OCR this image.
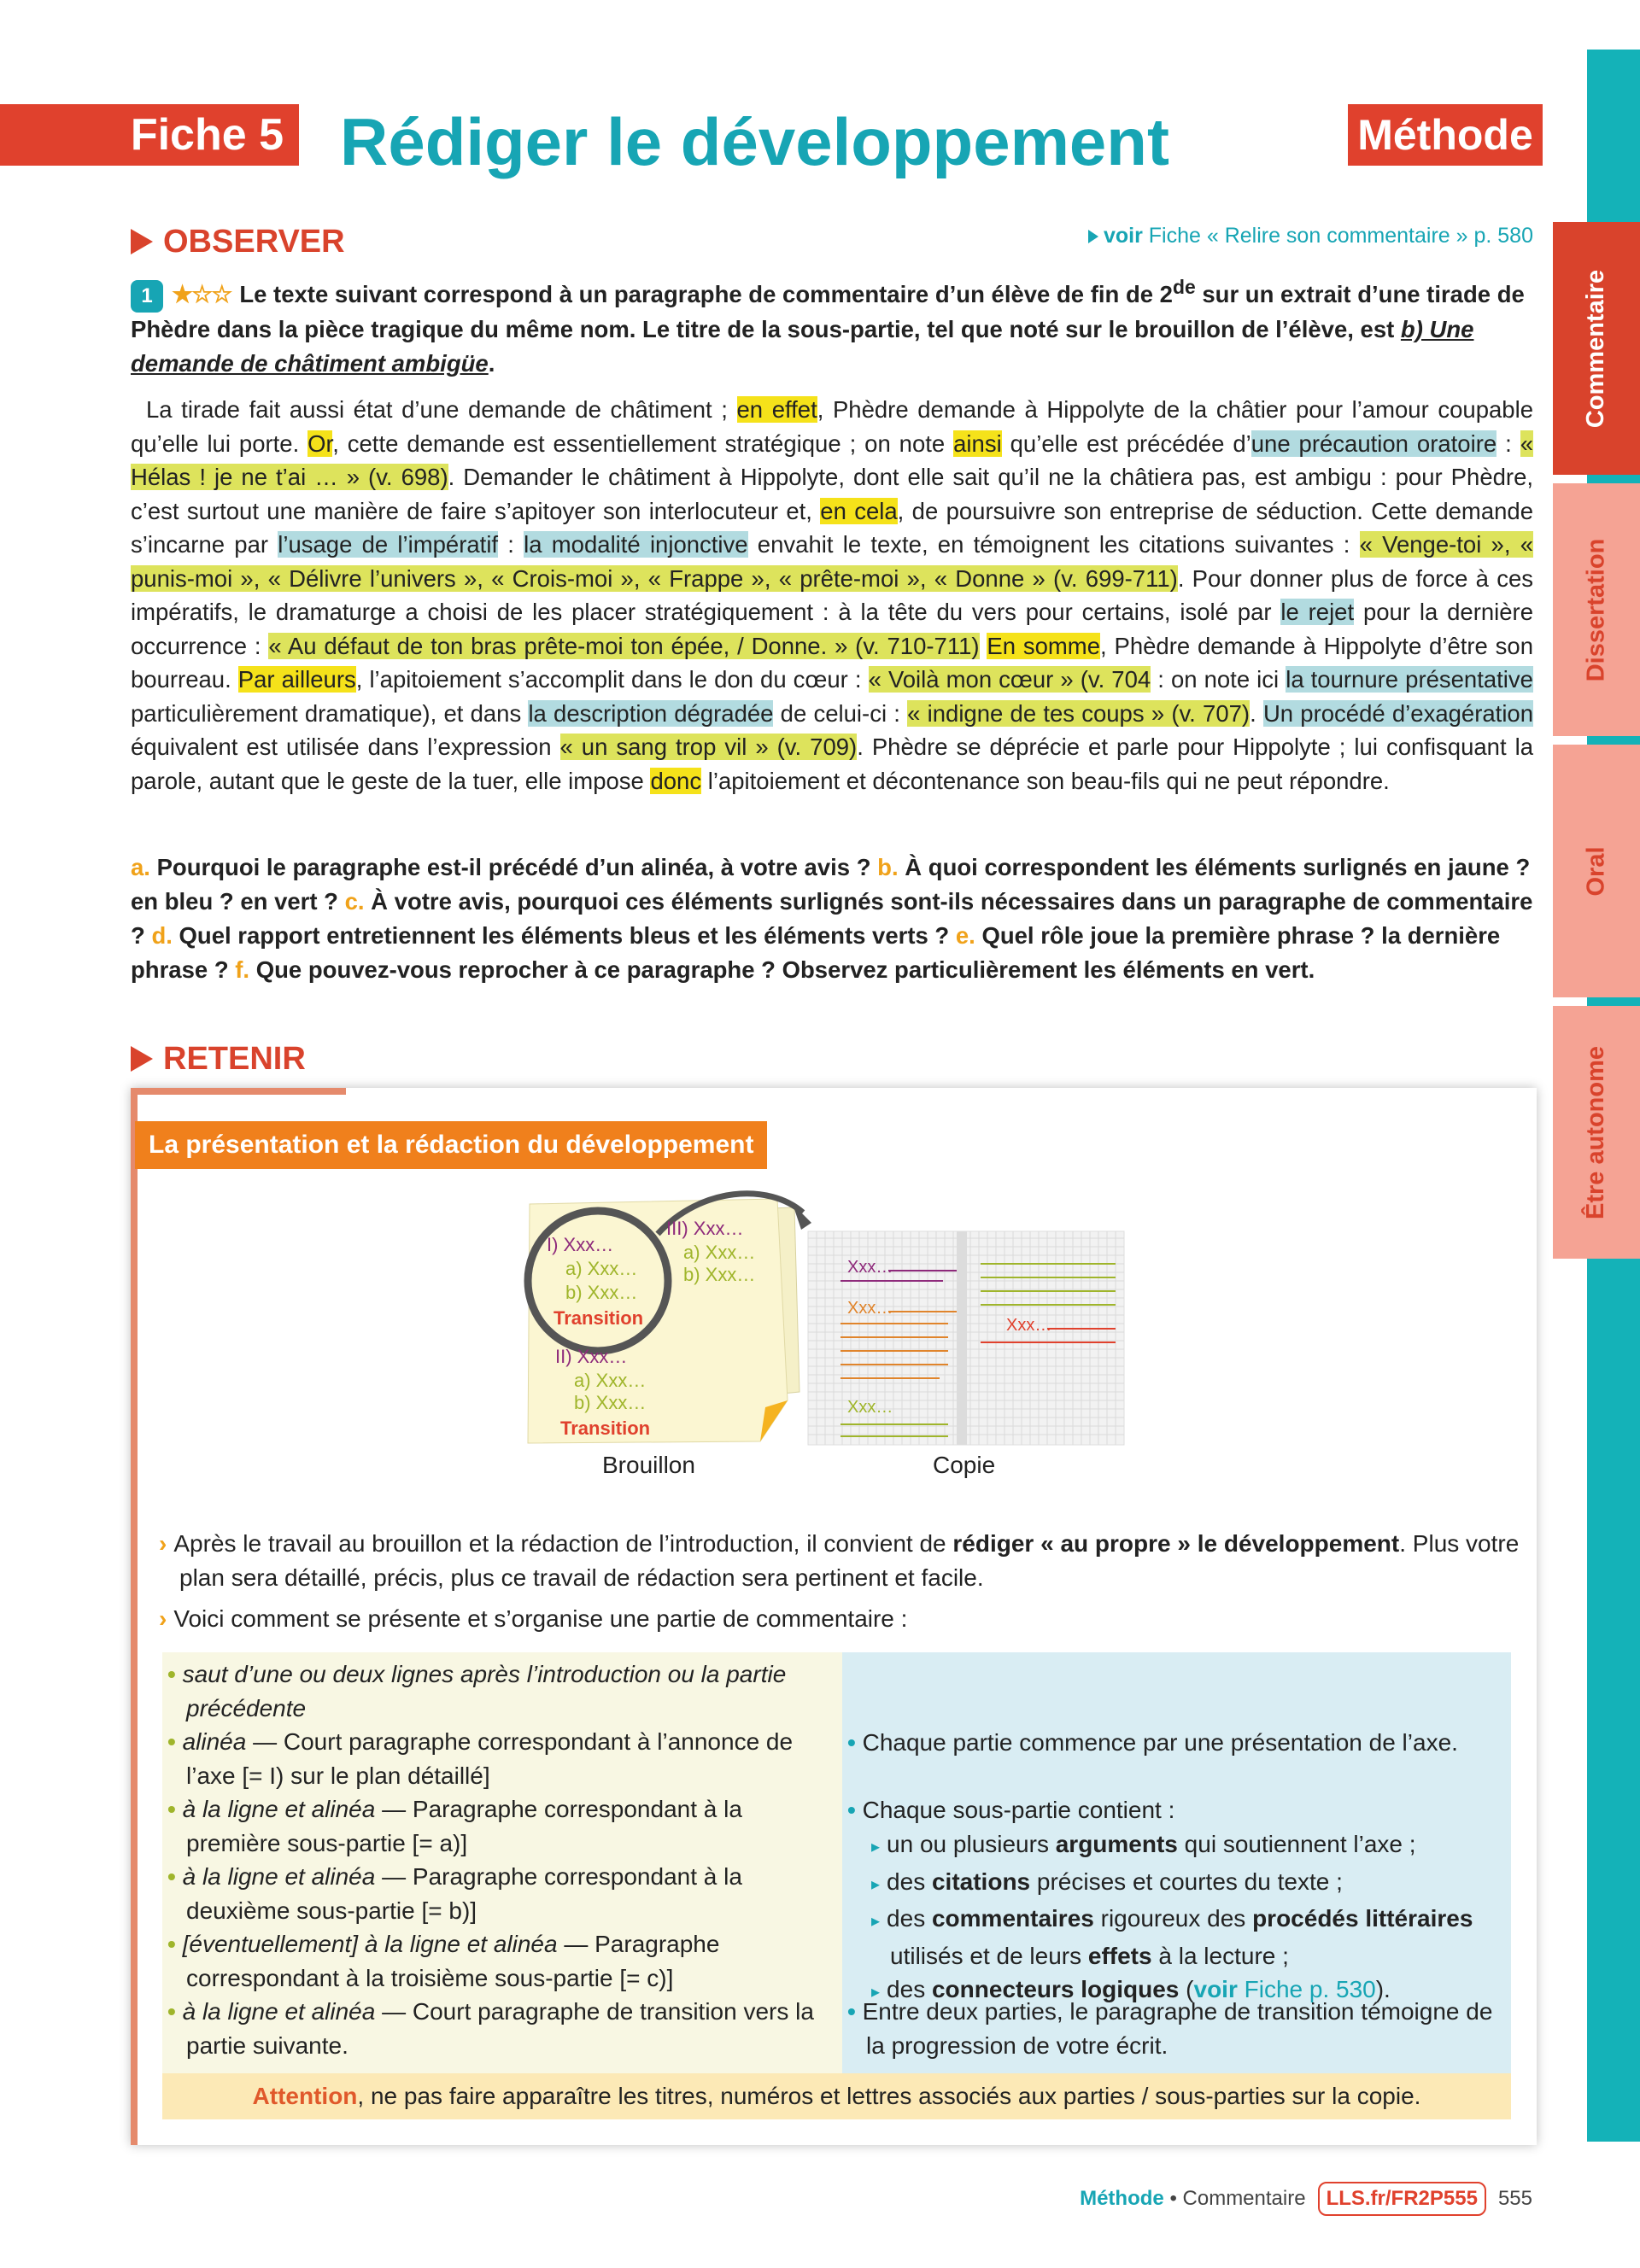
Fiche 5 Rédiger le développement	Méthode
Commentaire
Dissertation
Oral
Être autonome
OBSERVER	voir Fiche « Relire son commentaire » p. 580
1 ★☆☆ Le texte suivant correspond à un paragraphe de commentaire d’un élève de fin de 2de sur un extrait d’une tirade de Phèdre dans la pièce tragique du même nom. Le titre de la sous-partie, tel que noté sur le brouillon de l’élève, est b) Une demande de châtiment ambigüe.
La tirade fait aussi état d’une demande de châtiment ; en effet, Phèdre demande à Hippolyte de la châtier pour l’amour coupable qu’elle lui porte. Or, cette demande est essentiellement stratégique ; on note ainsi qu’elle est précédée d’une précaution oratoire : « Hélas ! je ne t’ai … » (v. 698). Demander le châtiment à Hippolyte, dont elle sait qu’il ne la châtiera pas, est ambigu : pour Phèdre, c’est surtout une manière de faire s’apitoyer son interlocuteur et, en cela, de poursuivre son entreprise de séduction. Cette demande s’incarne par l’usage de l’impératif : la modalité injonctive envahit le texte, en témoignent les citations suivantes : « Venge-toi », « punis-moi », « Délivre l’univers », « Crois-moi », « Frappe », « prête-moi », « Donne » (v. 699-711). Pour donner plus de force à ces impératifs, le dramaturge a choisi de les placer stratégiquement : à la tête du vers pour certains, isolé par le rejet pour la dernière occurrence : « Au défaut de ton bras prête-moi ton épée, / Donne. » (v. 710-711) En somme, Phèdre demande à Hippolyte d’être son bourreau. Par ailleurs, l’apitoiement s’accomplit dans le don du cœur : « Voilà mon cœur » (v. 704 : on note ici la tournure présentative particulièrement dramatique), et dans la description dégradée de celui-ci : « indigne de tes coups » (v. 707). Un procédé d’exagération équivalent est utilisée dans l’expression « un sang trop vil » (v. 709). Phèdre se déprécie et parle pour Hippolyte ; lui confisquant la parole, autant que le geste de la tuer, elle impose donc l’apitoiement et décontenance son beau-fils qui ne peut répondre.
a. Pourquoi le paragraphe est-il précédé d’un alinéa, à votre avis ? b. À quoi correspondent les éléments surlignés en jaune ? en bleu ? en vert ? c. À votre avis, pourquoi ces éléments surlignés sont-ils nécessaires dans un paragraphe de commentaire ? d. Quel rapport entretiennent les éléments bleus et les éléments verts ? e. Quel rôle joue la première phrase ? la dernière phrase ? f. Que pouvez-vous reprocher à ce paragraphe ? Observez particulièrement les éléments en vert.
RETENIR
La présentation et la rédaction du développement
I) Xxx…
a) Xxx…
b) Xxx…
Transition
III) Xxx…
a) Xxx…
b) Xxx…
II) Xxx…
a) Xxx…
b) Xxx…
Transition
Xxx…
Xxx…
Xxx…
Xxx…
Brouillon	Copie
› Après le travail au brouillon et la rédaction de l’introduction, il convient de rédiger « au propre » le développement. Plus votre plan sera détaillé, précis, plus ce travail de rédaction sera pertinent et facile.
› Voici comment se présente et s’organise une partie de commentaire :
• saut d’une ou deux lignes après l’introduction ou la partie précédente
• alinéa — Court paragraphe correspondant à l’annonce de l’axe [= I) sur le plan détaillé]
• à la ligne et alinéa — Paragraphe correspondant à la première sous-partie [= a)]
• à la ligne et alinéa — Paragraphe correspondant à la deuxième sous-partie [= b)]
• [éventuellement] à la ligne et alinéa — Paragraphe correspondant à la troisième sous-partie [= c)]
• à la ligne et alinéa — Court paragraphe de transition vers la partie suivante.
• Chaque partie commence par une présentation de l’axe.
• Chaque sous-partie contient :
▸ un ou plusieurs arguments qui soutiennent l’axe ;
▸ des citations précises et courtes du texte ;
▸ des commentaires rigoureux des procédés littéraires utilisés et de leurs effets à la lecture ;
▸ des connecteurs logiques (voir Fiche p. 530).
• Entre deux parties, le paragraphe de transition témoigne de la progression de votre écrit.
Attention, ne pas faire apparaître les titres, numéros et lettres associés aux parties / sous-parties sur la copie.
Méthode • Commentaire	LLS.fr/FR2P555	555
